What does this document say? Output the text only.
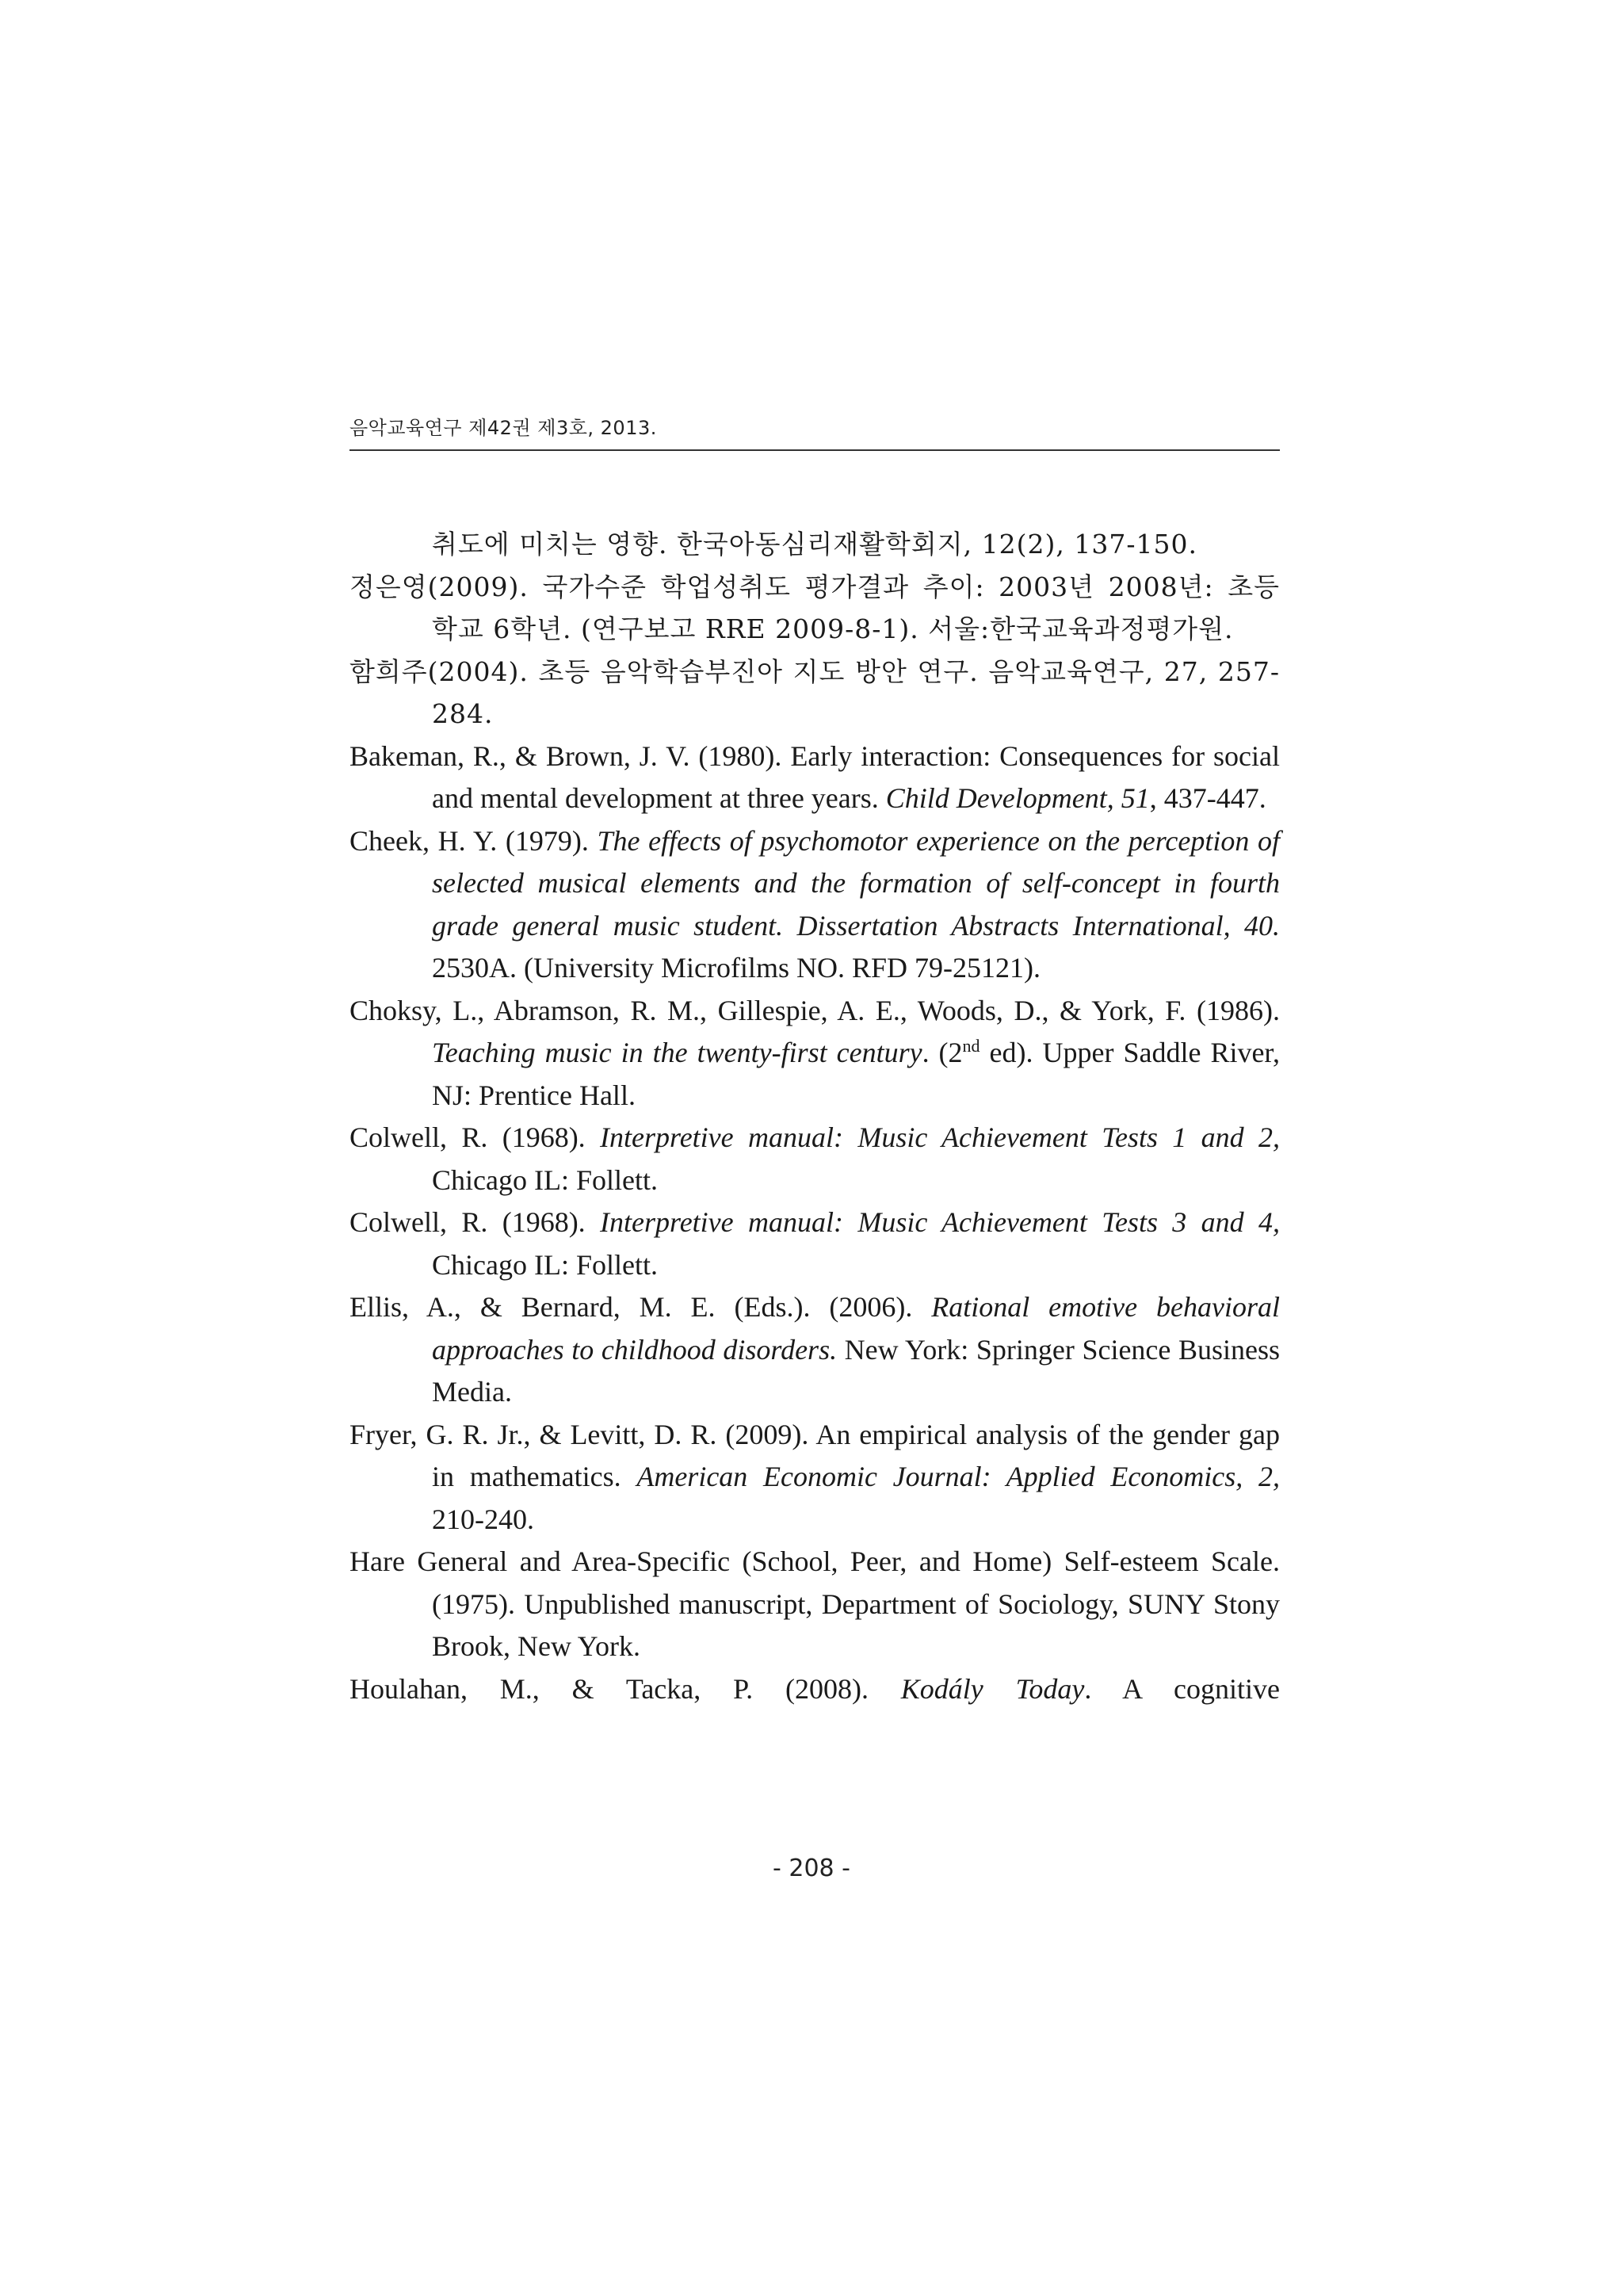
음악교육연구 제42권 제3호, 2013.

취도에 미치는 영향. 한국아동심리재활학회지, 12(2), 137-150.

정은영(2009). 국가수준 학업성취도 평가결과 추이: 2003년 2008년: 초등 학교 6학년. (연구보고 RRE 2009-8-1). 서울:한국교육과정평가원.

함희주(2004). 초등 음악학습부진아 지도 방안 연구. 음악교육연구, 27, 257-284.

Bakeman, R., & Brown, J. V. (1980). Early interaction: Consequences for social and mental development at three years. Child Development, 51, 437-447.

Cheek, H. Y. (1979). The effects of psychomotor experience on the perception of selected musical elements and the formation of self-concept in fourth grade general music student. Dissertation Abstracts International, 40. 2530A. (University Microfilms NO. RFD 79-25121).

Choksy, L., Abramson, R. M., Gillespie, A. E., Woods, D., & York, F. (1986). Teaching music in the twenty-first century. (2nd ed). Upper Saddle River, NJ: Prentice Hall.

Colwell, R. (1968). Interpretive manual: Music Achievement Tests 1 and 2, Chicago IL: Follett.

Colwell, R. (1968). Interpretive manual: Music Achievement Tests 3 and 4, Chicago IL: Follett.

Ellis, A., & Bernard, M. E. (Eds.). (2006). Rational emotive behavioral approaches to childhood disorders. New York: Springer Science Business Media.

Fryer, G. R. Jr., & Levitt, D. R. (2009). An empirical analysis of the gender gap in mathematics. American Economic Journal: Applied Economics, 2, 210-240.

Hare General and Area-Specific (School, Peer, and Home) Self-esteem Scale. (1975). Unpublished manuscript, Department of Sociology, SUNY Stony Brook, New York.

Houlahan, M., & Tacka, P. (2008). Kodály Today. A cognitive

- 208 -
